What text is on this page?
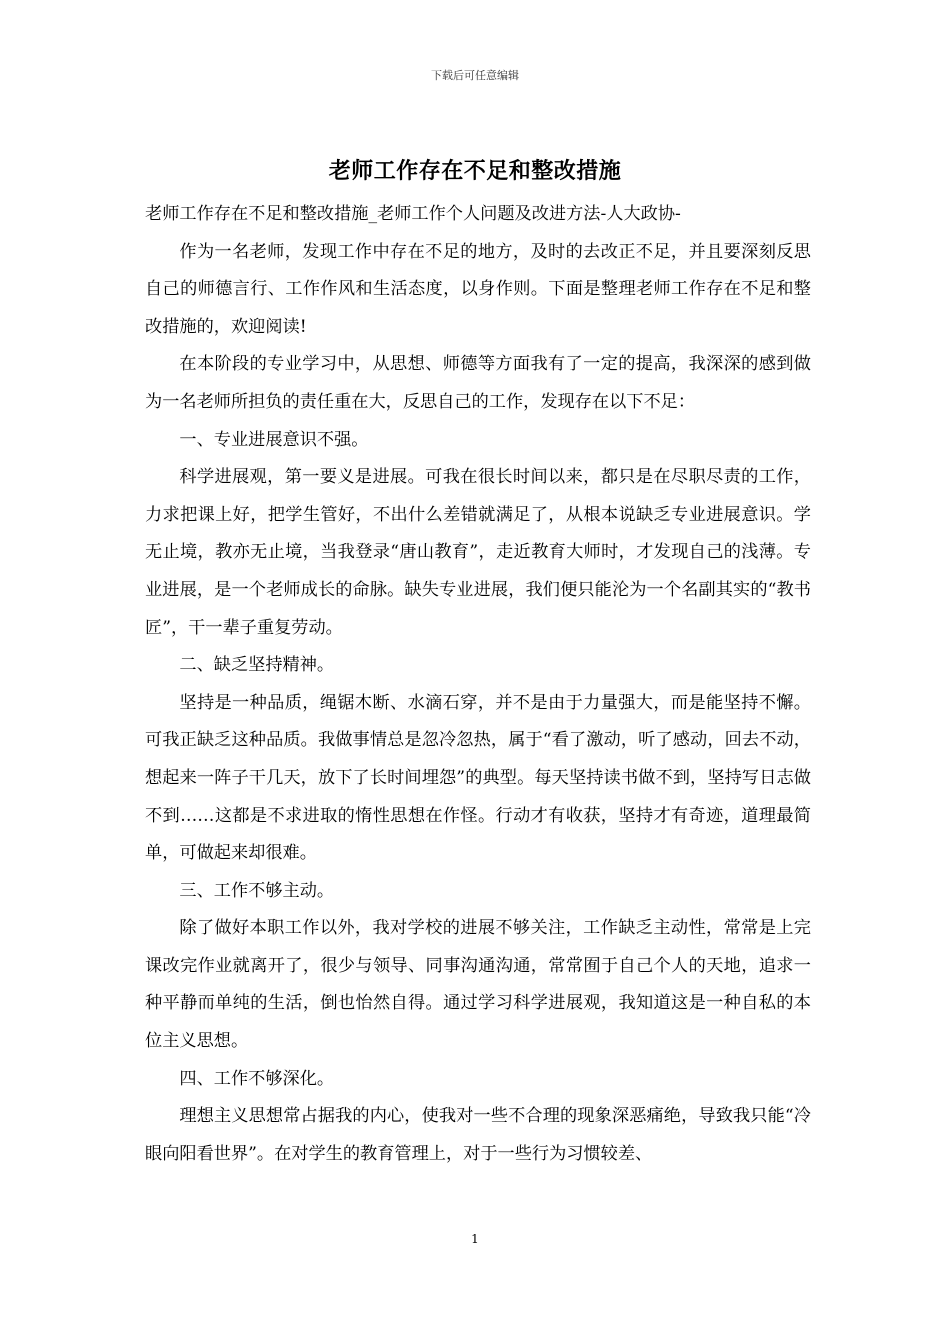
下载后可任意编辑
老师工作存在不足和整改措施

老师工作存在不足和整改措施_老师工作个人问题及改进方法-人大政协-

作为一名老师，发现工作中存在不足的地方，及时的去改正不足，并且要深刻反思自己的师德言行、工作作风和生活态度，以身作则。下面是整理老师工作存在不足和整改措施的，欢迎阅读!

在本阶段的专业学习中，从思想、师德等方面我有了一定的提高，我深深的感到做为一名老师所担负的责任重在大，反思自己的工作，发现存在以下不足：

一、专业进展意识不强。

科学进展观，第一要义是进展。可我在很长时间以来，都只是在尽职尽责的工作，力求把课上好，把学生管好，不出什么差错就满足了，从根本说缺乏专业进展意识。学无止境，教亦无止境，当我登录“唐山教育”，走近教育大师时，才发现自己的浅薄。专业进展，是一个老师成长的命脉。缺失专业进展，我们便只能沦为一个名副其实的“教书匠”，干一辈子重复劳动。

二、缺乏坚持精神。

坚持是一种品质，绳锯木断、水滴石穿，并不是由于力量强大，而是能坚持不懈。可我正缺乏这种品质。我做事情总是忽冷忽热，属于“看了激动，听了感动，回去不动，想起来一阵子干几天，放下了长时间埋怨”的典型。每天坚持读书做不到，坚持写日志做不到……这都是不求进取的惰性思想在作怪。行动才有收获，坚持才有奇迹，道理最简单，可做起来却很难。

三、工作不够主动。

除了做好本职工作以外，我对学校的进展不够关注，工作缺乏主动性，常常是上完课改完作业就离开了，很少与领导、同事沟通沟通，常常囿于自己个人的天地，追求一种平静而单纯的生活，倒也怡然自得。通过学习科学进展观，我知道这是一种自私的本位主义思想。

四、工作不够深化。

理想主义思想常占据我的内心，使我对一些不合理的现象深恶痛绝，导致我只能“冷眼向阳看世界”。在对学生的教育管理上，对于一些行为习惯较差、

1
